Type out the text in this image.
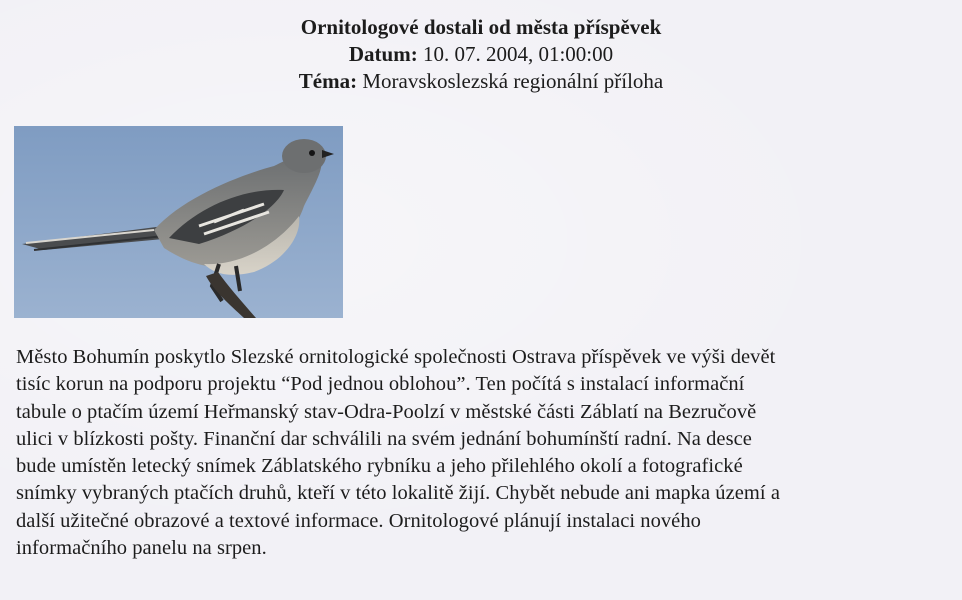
Ornitologové dostali od města příspěvek
Datum: 10. 07. 2004, 01:00:00
Téma: Moravskoslezská regionální příloha
Město Bohumín poskytlo Slezské ornitologické společnosti Ostrava příspěvek ve výši devět
tisíc korun na podporu projektu “Pod jednou oblohou”. Ten počítá s instalací informační
tabule o ptačím území Heřmanský stav-Odra-Poolzí v městské části Záblatí na Bezručově
ulici v blízkosti pošty. Finanční dar schválili na svém jednání bohumínští radní. Na desce
bude umístěn letecký snímek Záblatského rybníku a jeho přilehlého okolí a fotografické
snímky vybraných ptačích druhů, kteří v této lokalitě žijí. Chybět nebude ani mapka území a
další užitečné obrazové a textové informace. Ornitologové plánují instalaci nového
informačního panelu na srpen.
